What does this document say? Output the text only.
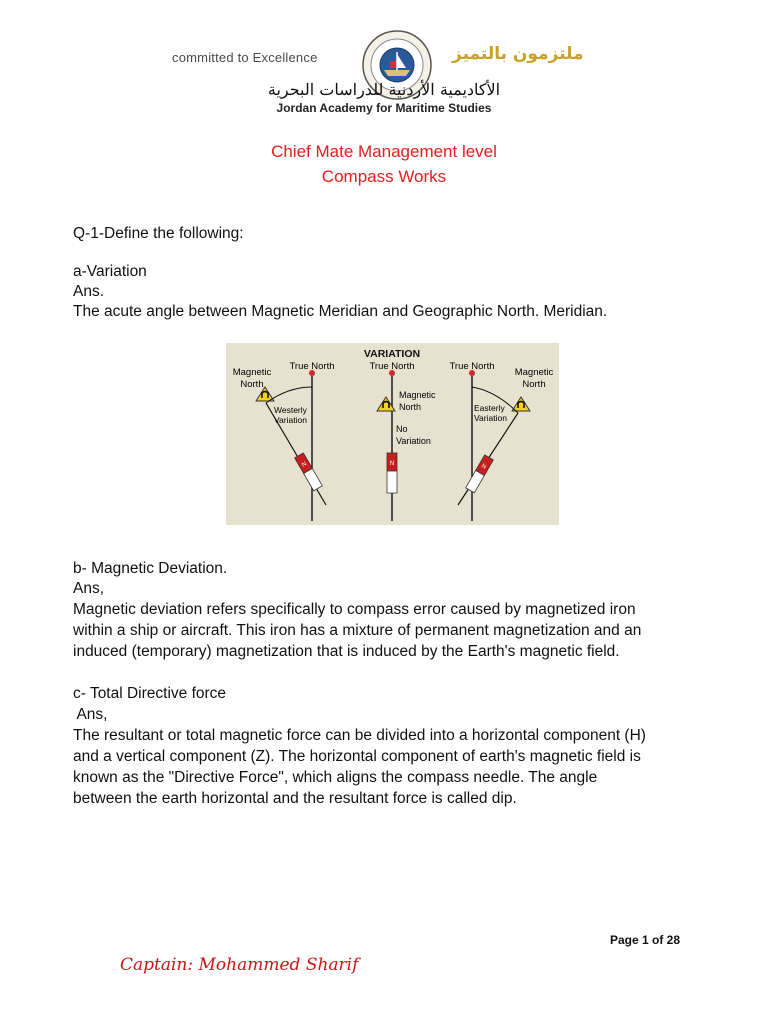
committed to Excellence	ملتزمون بالتميز
الأكاديمية الأردنية للدراسات البحرية
Jordan Academy for Maritime Studies
Chief Mate Management level
Compass Works
Q-1-Define the following:
a-Variation
Ans.
The acute angle between Magnetic Meridian and Geographic North. Meridian.
VARIATION
True North
Magnetic
North
Westerly
Variation
N
True North
Magnetic
North
No
Variation
N
True North
Magnetic
North
Easterly
Variation
N
b- Magnetic Deviation.
Ans,
Magnetic deviation refers specifically to compass error caused by magnetized iron
within a ship or aircraft. This iron has a mixture of permanent magnetization and an
induced (temporary) magnetization that is induced by the Earth's magnetic field.
c- Total Directive force
Ans,
The resultant or total magnetic force can be divided into a horizontal component (H)
and a vertical component (Z). The horizontal component of earth's magnetic field is
known as the "Directive Force", which aligns the compass needle. The angle
between the earth horizontal and the resultant force is called dip.
Page 1 of 28
Captain: Mohammed Sharif
